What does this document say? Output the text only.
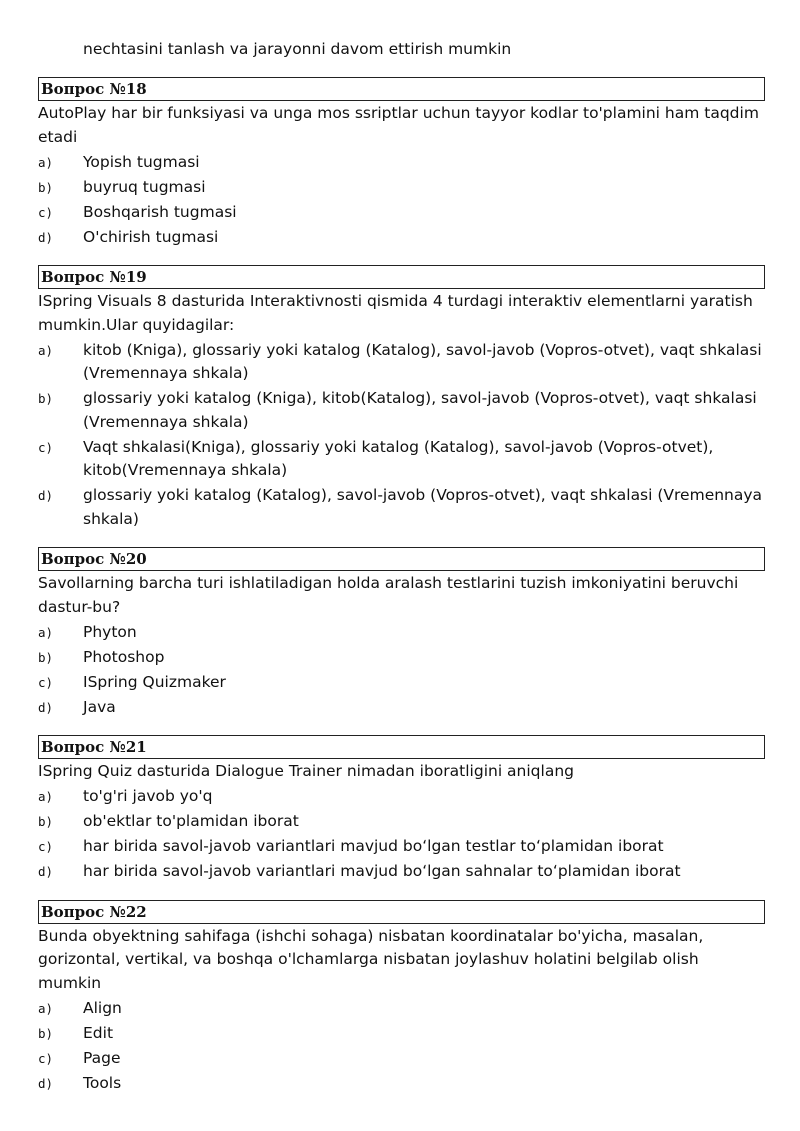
nechtasini tanlash va jarayonni davom ettirish mumkin
Вопрос №18
AutoPlay har bir funksiyasi va unga mos ssriptlar uchun tayyor kodlar to'plamini ham taqdim etadi
a)	Yopish tugmasi
b)	buyruq tugmasi
c)	Boshqarish tugmasi
d)	O'chirish tugmasi
Вопрос №19
ISpring Visuals 8 dasturida Interaktivnosti qismida 4 turdagi interaktiv elementlarni yaratish mumkin.Ular quyidagilar:
a)	kitob (Kniga), glossariy yoki katalog (Katalog), savol-javob (Vopros-otvet), vaqt shkalasi (Vremennaya shkala)
b)	glossariy yoki katalog (Kniga), kitob(Katalog), savol-javob (Vopros-otvet), vaqt shkalasi (Vremennaya shkala)
c)	Vaqt shkalasi(Kniga), glossariy yoki katalog (Katalog), savol-javob (Vopros-otvet), kitob(Vremennaya shkala)
d)	glossariy yoki katalog (Katalog), savol-javob (Vopros-otvet), vaqt shkalasi (Vremennaya shkala)
Вопрос №20
Savollarning barcha turi ishlatiladigan holda aralash testlarini tuzish imkoniyatini beruvchi dastur-bu?
a)	Phyton
b)	Photoshop
c)	ISpring Quizmaker
d)	Java
Вопрос №21
ISpring Quiz dasturida Dialogue Trainer nimadan iboratligini aniqlang
a)	to'g'ri javob yo'q
b)	ob'ektlar to'plamidan iborat
c)	har birida savol-javob variantlari mavjud boʻlgan testlar toʻplamidan iborat
d)	har birida savol-javob variantlari mavjud boʻlgan sahnalar toʻplamidan iborat
Вопрос №22
Bunda obyektning sahifaga (ishchi sohaga) nisbatan koordinatalar bo'yicha, masalan, gorizontal, vertikal, va boshqa o'lchamlarga nisbatan joylashuv holatini belgilab olish mumkin
a)	Align
b)	Edit
c)	Page
d)	Tools
